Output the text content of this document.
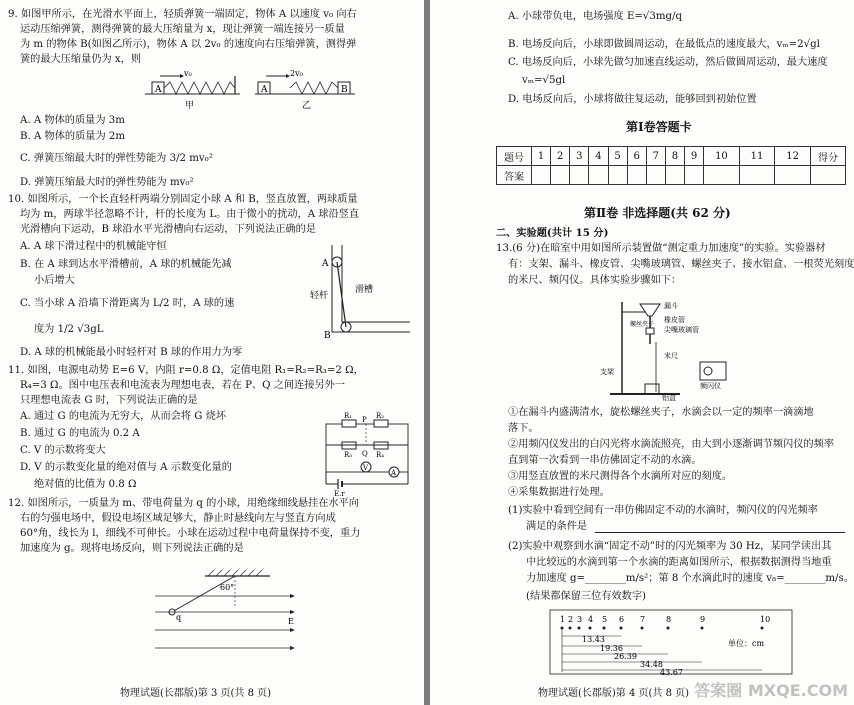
9. 如图甲所示，在光滑水平面上，轻质弹簧一端固定，物体 A 以速度 v₀ 向右
运动压缩弹簧，测得弹簧的最大压缩量为 x，现让弹簧一端连接另一质量
为 m 的物体 B(如图乙所示)，物体 A 以 2v₀ 的速度向右压缩弹簧，测得弹
簧的最大压缩量仍为 x，则
A
v₀
甲
A	B
2v₀
乙
A. A 物体的质量为 3m
B. A 物体的质量为 2m
C. 弹簧压缩最大时的弹性势能为 3/2 mv₀²
D. 弹簧压缩最大时的弹性势能为 mv₀²
10. 如图所示，一个长直轻杆两端分别固定小球 A 和 B，竖直放置，两球质量
均为 m，两球半径忽略不计，杆的长度为 L。由于微小的扰动，A 球沿竖直
光滑槽向下运动，B 球沿水平光滑槽向右运动，下列说法正确的是
A. A 球下滑过程中的机械能守恒
B. 在 A 球到达水平滑槽前，A 球的机械能先减
小后增大
C. 当小球 A 沿墙下滑距离为 L/2 时，A 球的速
度为 1/2 √3gL
D. A 球的机械能最小时轻杆对 B 球的作用力为零
A
B
轻杆
滑槽
11. 如图，电源电动势 E=6 V，内阻 r=0.8 Ω，定值电阻 R₁=R₂=R₃=2 Ω，
R₄=3 Ω。图中电压表和电流表为理想电表，若在 P、Q 之间连接另外一
只理想电流表 G 时，下列说法正确的是
A. 通过 G 的电流为无穷大，从而会将 G 烧坏
B. 通过 G 的电流为 0.2 A
C. V 的示数将变大
D. V 的示数变化量的绝对值与 A 示数变化量的
绝对值的比值为 0.8 Ω
R₁	R₂
R₃	R₄
P
Q
V
A
E,r
12. 如图所示，一质量为 m、带电荷量为 q 的小球，用绝缘细线悬挂在水平向
右的匀强电场中，假设电场区域足够大，静止时悬线向左与竖直方向成
60°角，线长为 l，细线不可伸长。小球在运动过程中电荷量保持不变，重力
加速度为 g。现将电场反向，则下列说法正确的是
60°
q	E
物理试题(长郡版)第 3 页(共 8 页)
A. 小球带负电，电场强度 E=√3mg/q
B. 电场反向后，小球即做圆周运动，在最低点的速度最大，vₘ=2√gl
C. 电场反向后，小球先做匀加速直线运动，然后做圆周运动，最大速度
vₘ=√5gl
D. 电场反向后，小球将做往复运动，能够回到初始位置
第Ⅰ卷答题卡
题号	1	2	3	4	5	6	7	8	9	10	11	12	得分
答案													
第Ⅱ卷 非选择题(共 62 分)
二、实验题(共计 15 分)
13.(6 分)在暗室中用如图所示装置做“测定重力加速度”的实验。实验器材
有：支架、漏斗、橡皮管、尖嘴玻璃管、螺丝夹子、接水铝盒、一根荧光刻度
的米尺、频闪仪。具体实验步骤如下：
漏斗
橡皮管
尖嘴玻璃管
螺丝夹子
米尺
支架
频闪仪
铝盒
①在漏斗内盛满清水，旋松螺丝夹子，水滴会以一定的频率一滴滴地
落下。
②用频闪仪发出的白闪光将水滴流照亮，由大到小逐渐调节频闪仪的频率
直到第一次看到一串仿佛固定不动的水滴。
③用竖直放置的米尺测得各个水滴所对应的刻度。
④采集数据进行处理。
(1)实验中看到空间有一串仿佛固定不动的水滴时，频闪仪的闪光频率
满足的条件是
(2)实验中观察到水滴“固定不动”时的闪光频率为 30 Hz，某同学读出其
中比较远的水滴到第一个水滴的距离如图所示，根据数据测得当地重
力加速度 g=________m/s²；第 8 个水滴此时的速度 v₈=________m/s。
(结果都保留三位有效数字)
1 2 3 4 5 6 7	8	9	10
13.43
19.36
26.39
34.48
43.67
单位：cm
物理试题(长郡版)第 4 页(共 8 页) 答案圈 MXQE.COM
